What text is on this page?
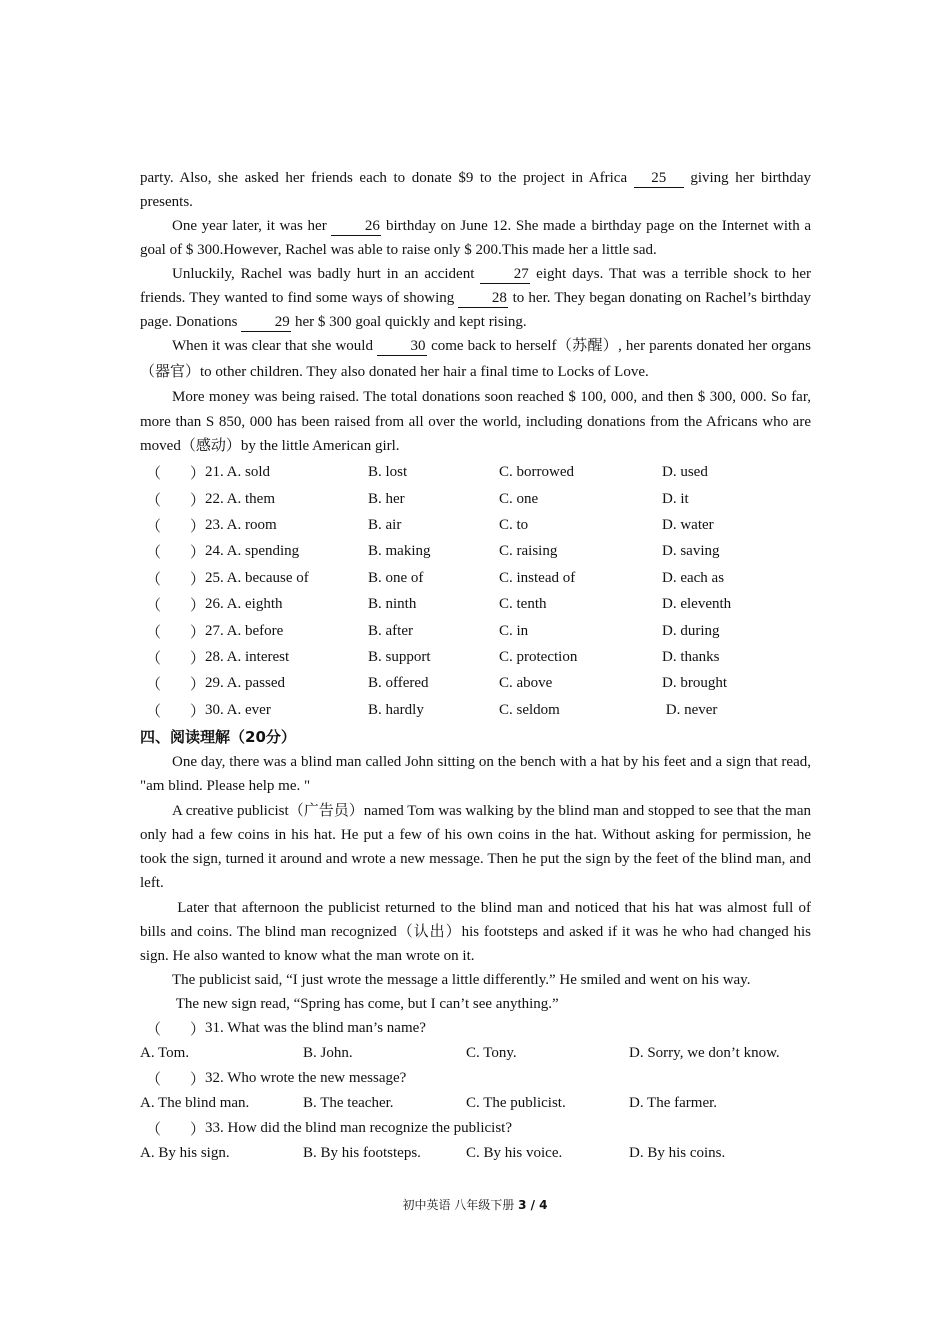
party. Also, she asked her friends each to donate $9 to the project in Africa 25 giving her birthday presents.

One year later, it was her 26 birthday on June 12. She made a birthday page on the Internet with a goal of $ 300.However, Rachel was able to raise only $ 200.This made her a little sad.

Unluckily, Rachel was badly hurt in an accident 27 eight days. That was a terrible shock to her friends. They wanted to find some ways of showing 28 to her. They began donating on Rachel’s birthday page. Donations 29 her $ 300 goal quickly and kept rising.

When it was clear that she would 30 come back to herself（苏醒）, her parents donated her organs（器官）to other children. They also donated her hair a final time to Locks of Love.

More money was being raised. The total donations soon reached $ 100, 000, and then $ 300, 000. So far, more than S 850, 000 has been raised from all over the world, including donations from the Africans who are moved（感动）by the little American girl.

（ ） 21. A. sold	B. lost	C. borrowed	D. used
（ ） 22. A. them	B. her	C. one	D. it
（ ） 23. A. room	B. air	C. to	D. water
（ ） 24. A. spending	B. making	C. raising	D. saving
（ ） 25. A. because of	B. one of	C. instead of	D. each as
（ ） 26. A. eighth	B. ninth	C. tenth	D. eleventh
（ ） 27. A. before	B. after	C. in	D. during
（ ） 28. A. interest	B. support	C. protection	D. thanks
（ ） 29. A. passed	B. offered	C. above	D. brought
（ ） 30. A. ever	B. hardly	C. seldom	D. never
四、阅读理解（20分）

One day, there was a blind man called John sitting on the bench with a hat by his feet and a sign that read, "am blind. Please help me. "

A creative publicist（广告员）named Tom was walking by the blind man and stopped to see that the man only had a few coins in his hat. He put a few of his own coins in the hat. Without asking for permission, he took the sign, turned it around and wrote a new message. Then he put the sign by the feet of the blind man, and left.

Later that afternoon the publicist returned to the blind man and noticed that his hat was almost full of bills and coins. The blind man recognized（认出）his footsteps and asked if it was he who had changed his sign. He also wanted to know what the man wrote on it.

The publicist said, “I just wrote the message a little differently.” He smiled and went on his way.

The new sign read, “Spring has come, but I can’t see anything.”

（ ） 31. What was the blind man’s name?
A. Tom.	B. John.	C. Tony.	D. Sorry, we don’t know.
（ ） 32. Who wrote the new message?
A. The blind man.	B. The teacher.	C. The publicist.	D. The farmer.
（ ） 33. How did the blind man recognize the publicist?
A. By his sign.	B. By his footsteps.	C. By his voice.	D. By his coins.
初中英语 八年级下册 3 / 4
